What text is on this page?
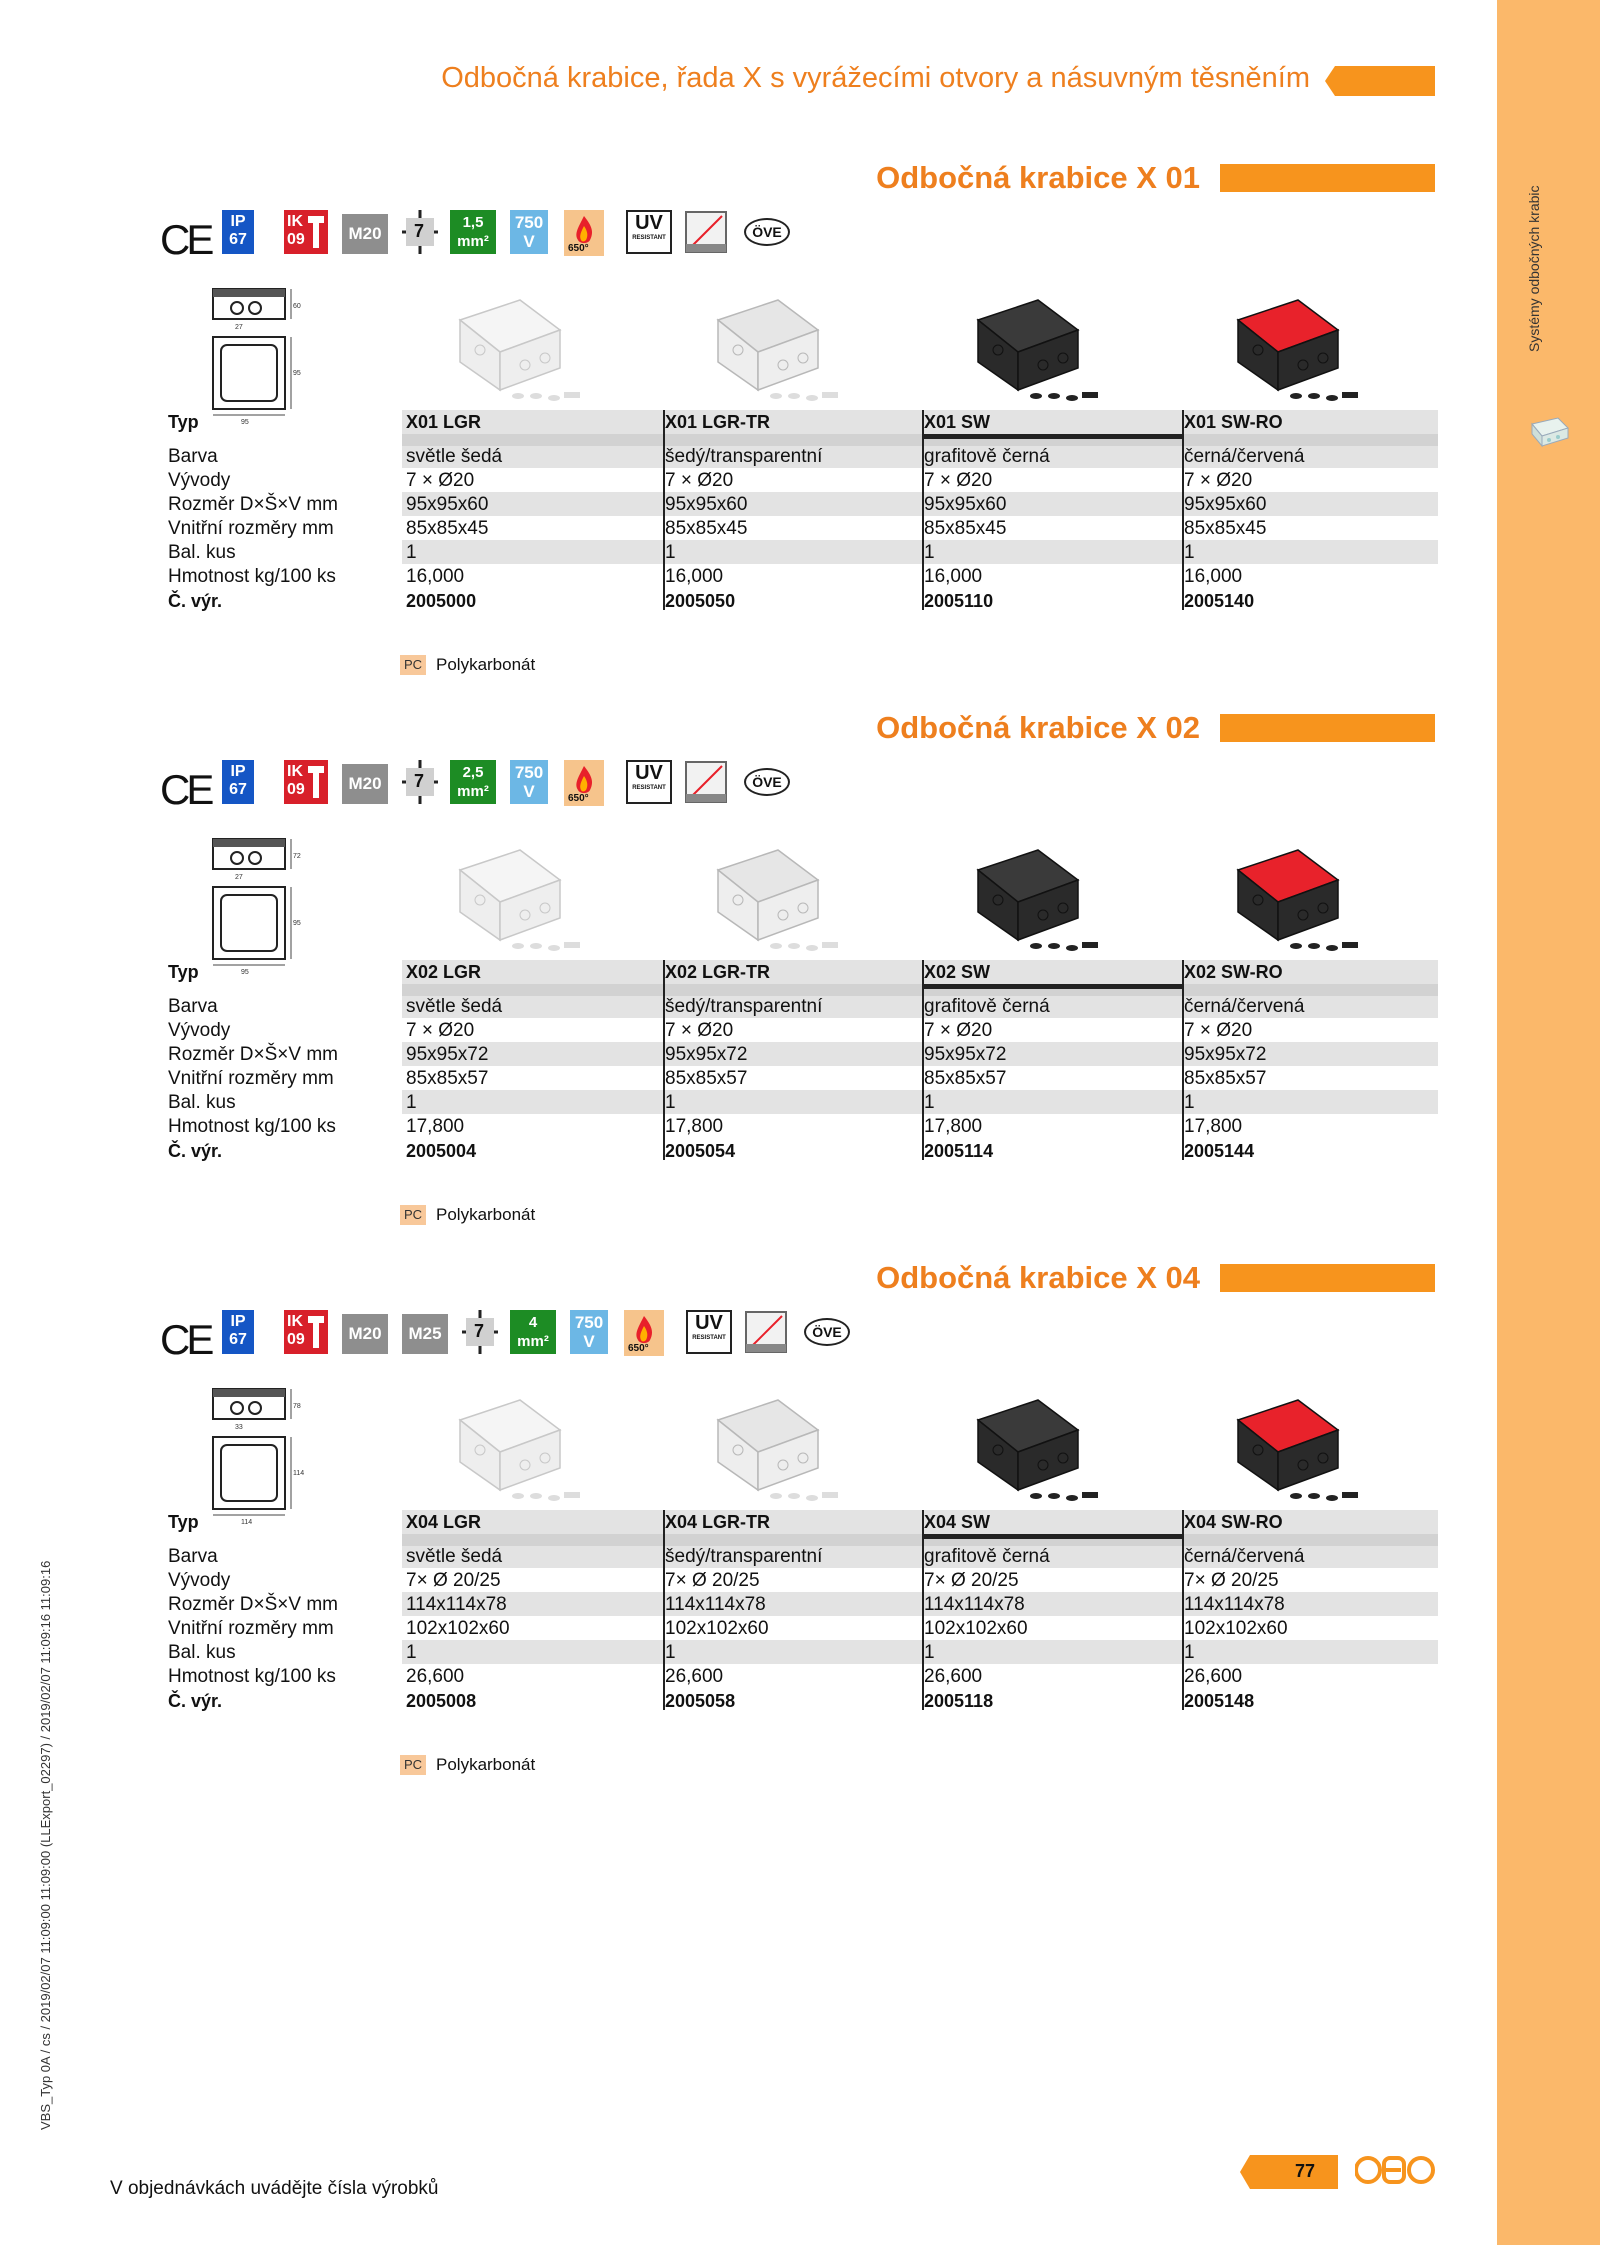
Systémy odbočných krabic
VBS_Typ 0A / cs / 2019/02/07 11:09:00 11:09:00 (LLExport_02297) / 2019/02/07 11:09:16 11:09:16
Odbočná krabice, řada X s vyrážecími otvory a násuvným těsněním
Odbočná krabice X 01
CE	IP
67
IK
09	M20	7	1,5
mm²
750
V	650°
UV
RESISTANT	ÖVE
60
27
95
95
Typ	X01 LGR	X01 LGR-TR	X01 SW	X01 SW-RO
Barva	světle šedá	šedý/transparentní	grafitově černá	černá/červená
Vývody	7 × Ø20	7 × Ø20	7 × Ø20	7 × Ø20
Rozměr D×Š×V mm	95x95x60	95x95x60	95x95x60	95x95x60
Vnitřní rozměry mm	85x85x45	85x85x45	85x85x45	85x85x45
Bal. kus	1	1	1	1
Hmotnost kg/100 ks	16,000	16,000	16,000	16,000
Č. výr.	2005000	2005050	2005110	2005140
PC Polykarbonát
Odbočná krabice X 02
CE	IP
67
IK
09	M20	7	2,5
mm²
750
V	650°
UV
RESISTANT	ÖVE
72
27
95
95
Typ	X02 LGR	X02 LGR-TR	X02 SW	X02 SW-RO
Barva	světle šedá	šedý/transparentní	grafitově černá	černá/červená
Vývody	7 × Ø20	7 × Ø20	7 × Ø20	7 × Ø20
Rozměr D×Š×V mm	95x95x72	95x95x72	95x95x72	95x95x72
Vnitřní rozměry mm	85x85x57	85x85x57	85x85x57	85x85x57
Bal. kus	1	1	1	1
Hmotnost kg/100 ks	17,800	17,800	17,800	17,800
Č. výr.	2005004	2005054	2005114	2005144
PC Polykarbonát
Odbočná krabice X 04
CE	IP
67
IK
09	M20	M25	7	4
mm²
750
V	650°
UV
RESISTANT	ÖVE
78
33
114
114
Typ	X04 LGR	X04 LGR-TR	X04 SW	X04 SW-RO
Barva	světle šedá	šedý/transparentní	grafitově černá	černá/červená
Vývody	7× Ø 20/25	7× Ø 20/25	7× Ø 20/25	7× Ø 20/25
Rozměr D×Š×V mm	114x114x78	114x114x78	114x114x78	114x114x78
Vnitřní rozměry mm	102x102x60	102x102x60	102x102x60	102x102x60
Bal. kus	1	1	1	1
Hmotnost kg/100 ks	26,600	26,600	26,600	26,600
Č. výr.	2005008	2005058	2005118	2005148
PC Polykarbonát
V objednávkách uvádějte čísla výrobků
77
